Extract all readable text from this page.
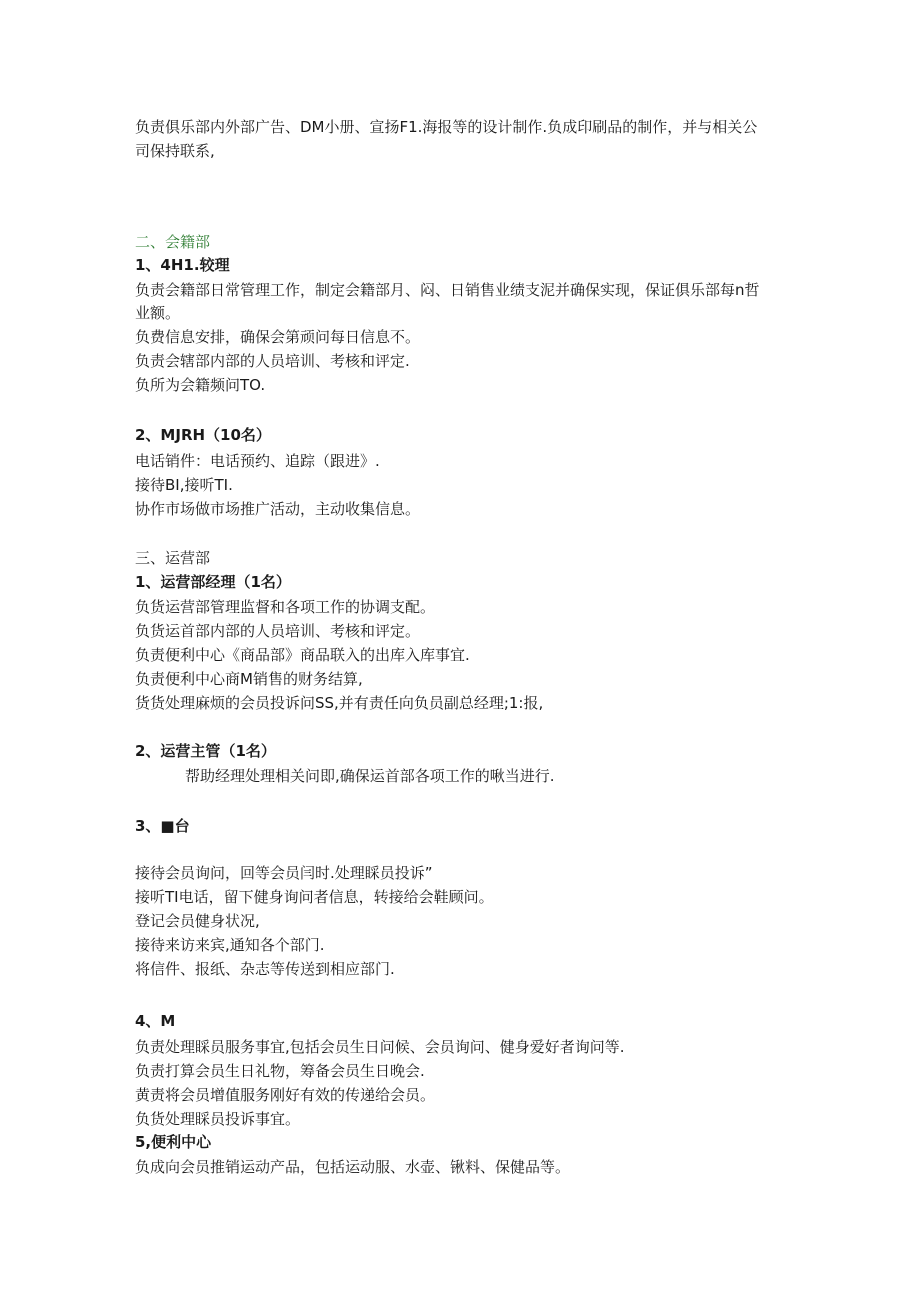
负责俱乐部内外部广告、DM小册、宣扬F1.海报等的设计制作.负成印刷品的制作，并与相关公
司保持联系,
二、会籍部
1、4H1.较理
负责会籍部日常管理工作，制定会籍部月、闷、日销售业绩支泥并确保实现，保证俱乐部每n哲
业额。
负费信息安排，确保会第顽问每日信息不。
负责会辖部内部的人员培训、考核和评定.
负所为会籍频问TO.
2、MJRH（10名）
电话销件：电话预约、追踪（跟进》.
接待BI,接听TI.
协作市场做市场推广活动，主动收集信息。
三、运营部
1、运营部经理（1名）
负货运营部管理监督和各项工作的协调支配。
负货运首部内部的人员培训、考核和评定。
负责便利中心《商品部》商品联入的出库入库事宜.
负责便利中心商M销售的财务结算,
货货处理麻烦的会员投诉问SS,并有责任向负员副总经理;1:报,
2、运营主管（1名）
帮助经理处理相关问即,确保运首部各项工作的啾当进行.
3、■台
接待会员询问，回等会员闫时.处理睬员投诉”
接听TI电话，留下健身询问者信息，转接给会鞋顾问。
登记会员健身状况,
接待来访来宾,通知各个部门.
将信件、报纸、杂志等传送到相应部门.
4、M
负责处理睬员服务事宜,包括会员生日问候、会员询问、健身爱好者询问等.
负责打算会员生日礼物，筹备会员生日晚会.
黄责将会员增值服务刚好有效的传递给会员。
负货处理睬员投诉事宜。
5,便利中心
负成向会员推销运动产品，包括运动服、水壶、锹料、保健品等。
